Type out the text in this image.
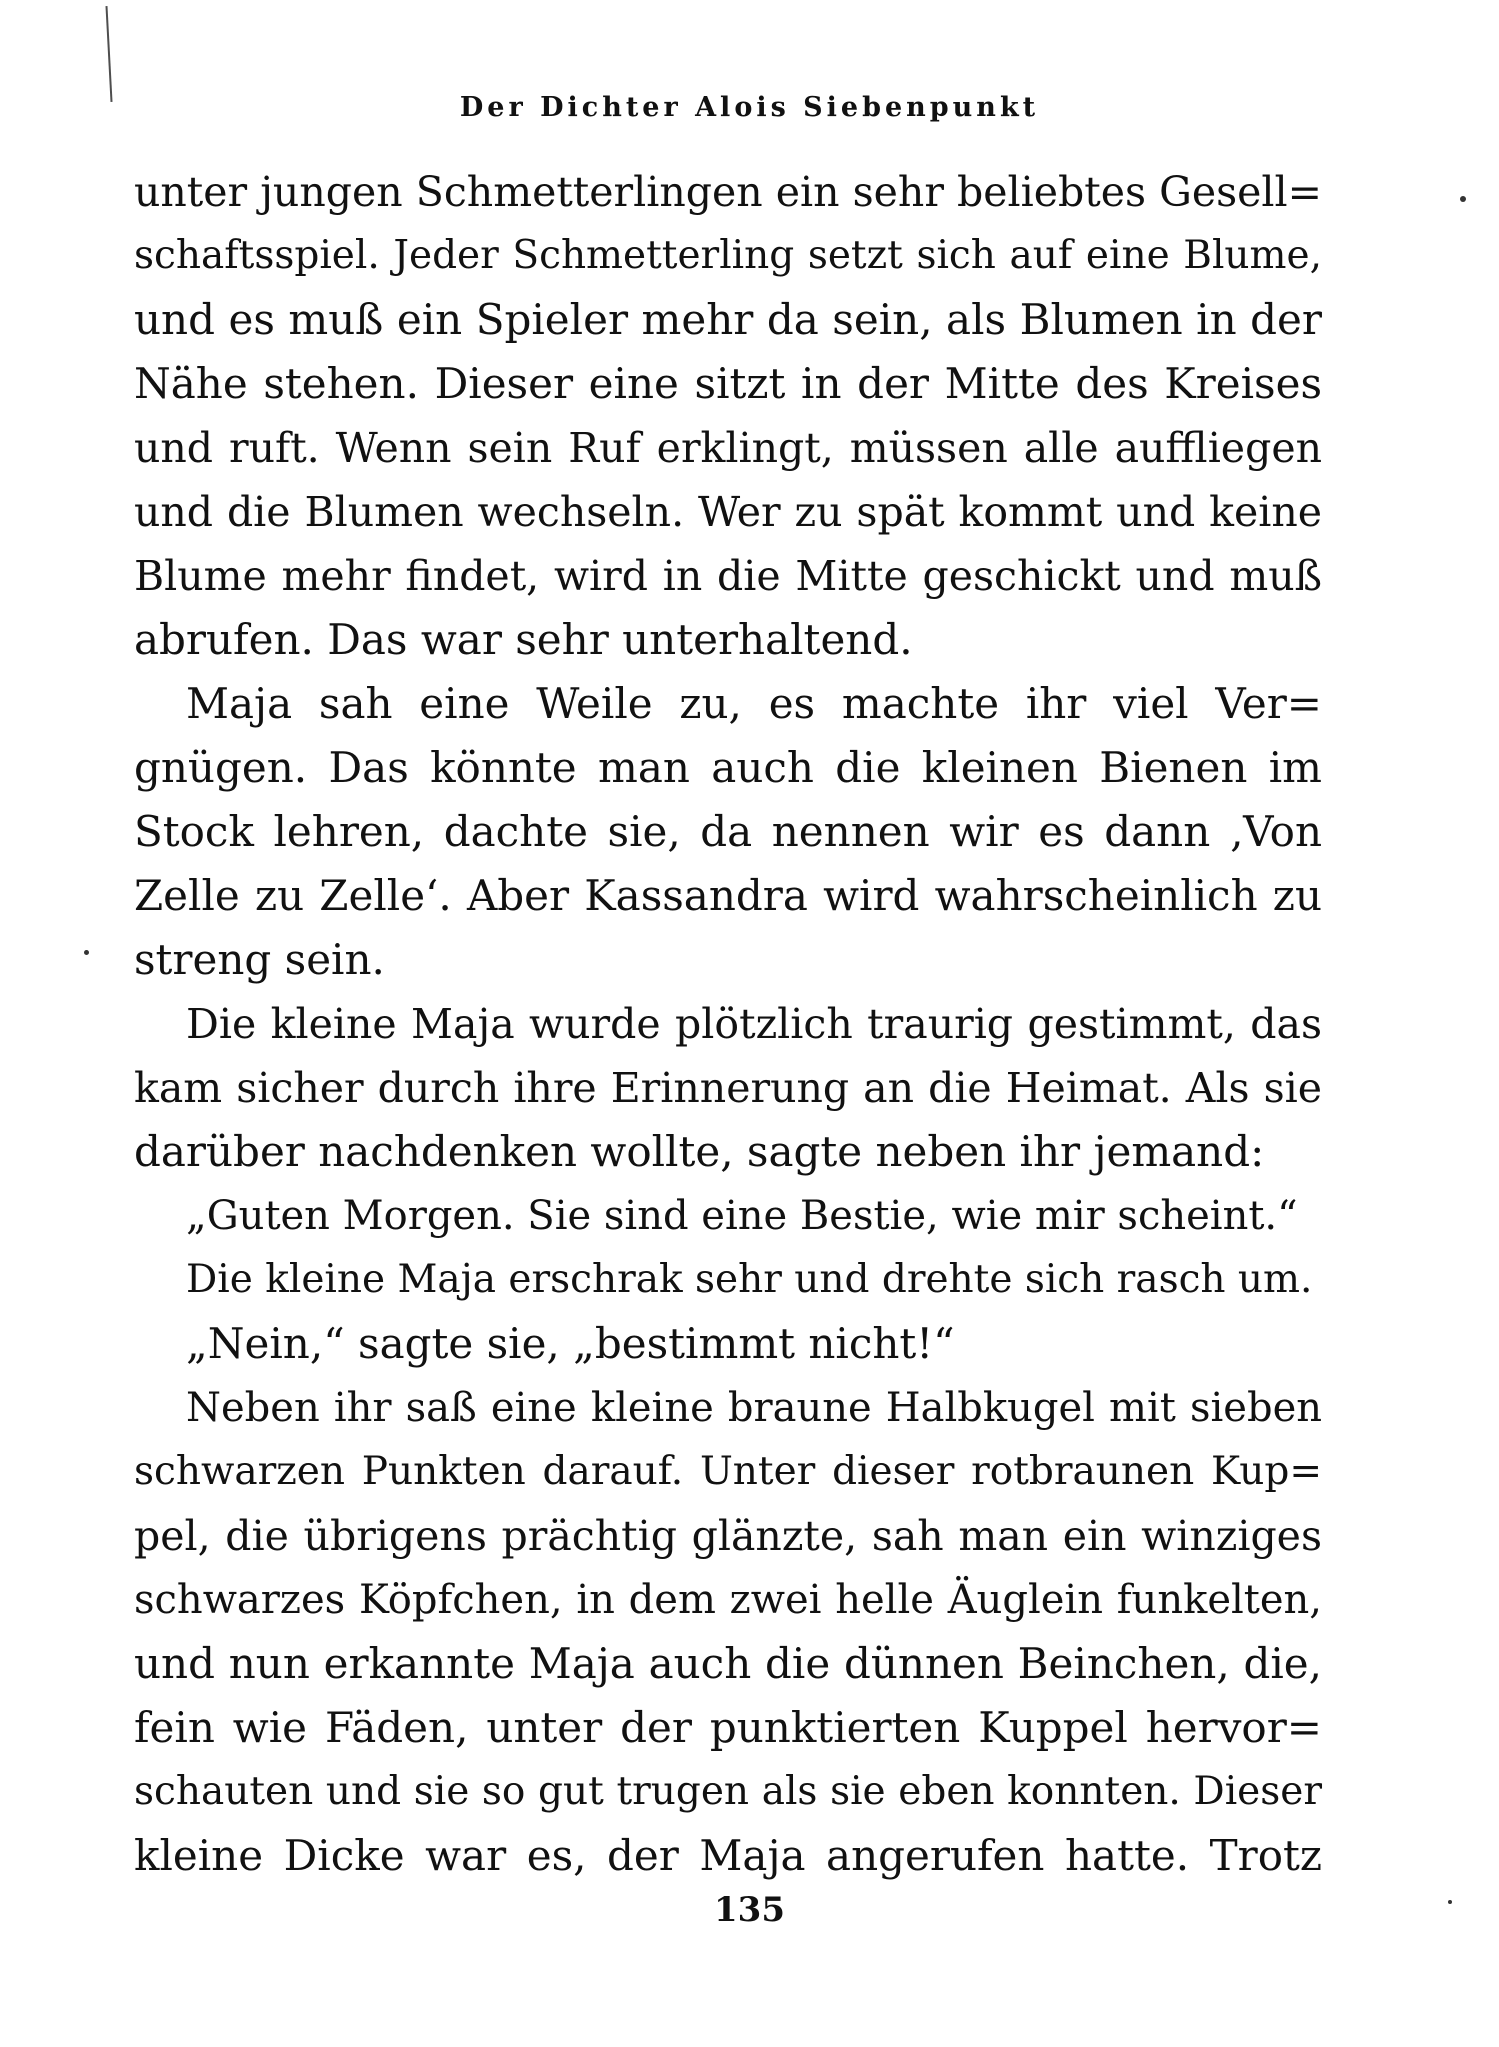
Der Dichter Alois Siebenpunkt
unter jungen Schmetterlingen ein sehr beliebtes Gesell=
schaftsspiel. Jeder Schmetterling setzt sich auf eine Blume,
und es muß ein Spieler mehr da sein, als Blumen in der
Nähe stehen. Dieser eine sitzt in der Mitte des Kreises
und ruft. Wenn sein Ruf erklingt, müssen alle auffliegen
und die Blumen wechseln. Wer zu spät kommt und keine
Blume mehr findet, wird in die Mitte geschickt und muß
abrufen. Das war sehr unterhaltend.
Maja sah eine Weile zu, es machte ihr viel Ver=
gnügen. Das könnte man auch die kleinen Bienen im
Stock lehren, dachte sie, da nennen wir es dann ‚Von
Zelle zu Zelle‘. Aber Kassandra wird wahrscheinlich zu
streng sein.
Die kleine Maja wurde plötzlich traurig gestimmt, das
kam sicher durch ihre Erinnerung an die Heimat. Als sie
darüber nachdenken wollte, sagte neben ihr jemand:
„Guten Morgen. Sie sind eine Bestie, wie mir scheint.“
Die kleine Maja erschrak sehr und drehte sich rasch um.
„Nein,“ sagte sie, „bestimmt nicht!“
Neben ihr saß eine kleine braune Halbkugel mit sieben
schwarzen Punkten darauf. Unter dieser rotbraunen Kup=
pel, die übrigens prächtig glänzte, sah man ein winziges
schwarzes Köpfchen, in dem zwei helle Äuglein funkelten,
und nun erkannte Maja auch die dünnen Beinchen, die,
fein wie Fäden, unter der punktierten Kuppel hervor=
schauten und sie so gut trugen als sie eben konnten. Dieser
kleine Dicke war es, der Maja angerufen hatte. Trotz
135
